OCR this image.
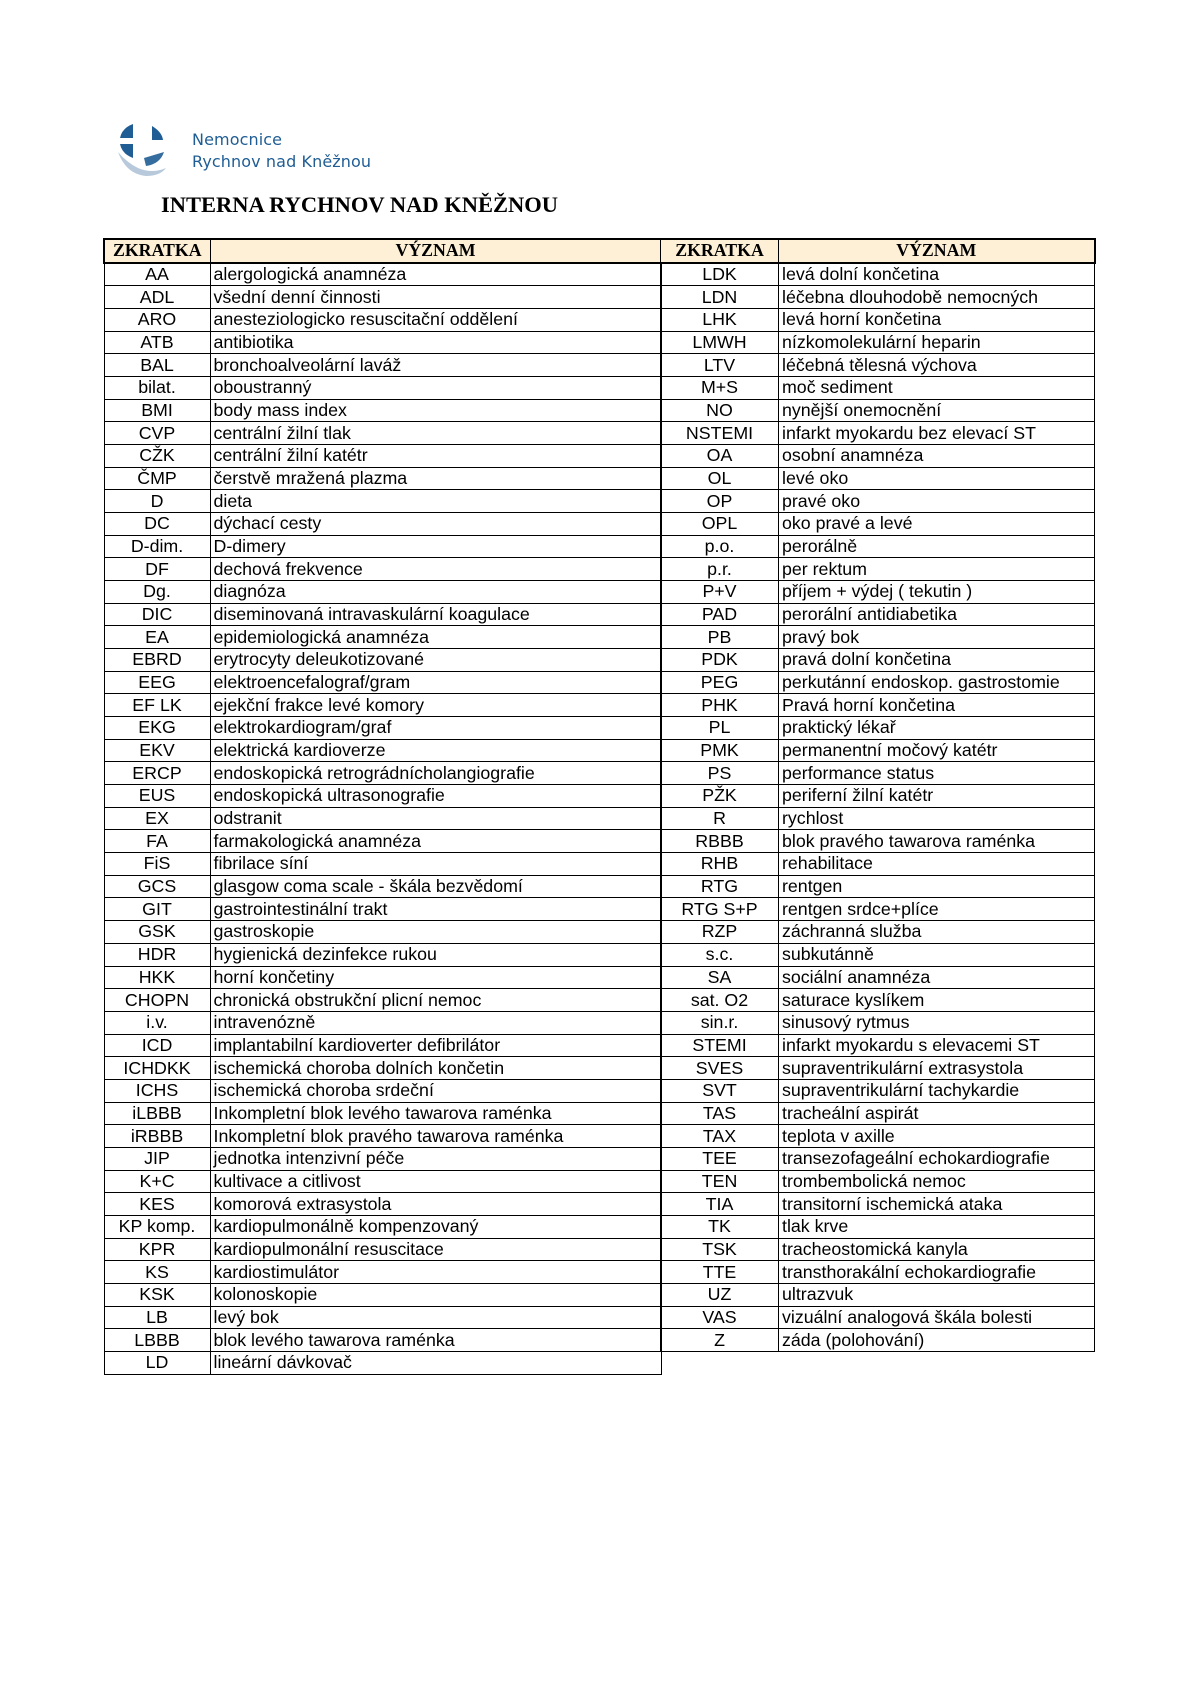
Nemocnice
Rychnov nad Kněžnou
INTERNA RYCHNOV NAD KNĚŽNOU
ZKRATKA	VÝZNAM
AA	alergologická anamnéza
ADL	všední denní činnosti
ARO	anesteziologicko resuscitační oddělení
ATB	antibiotika
BAL	bronchoalveolární laváž
bilat.	oboustranný
BMI	body mass index
CVP	centrální žilní tlak
CŽK	centrální žilní katétr
ČMP	čerstvě mražená plazma
D	dieta
DC	dýchací cesty
D-dim.	D-dimery
DF	dechová frekvence
Dg.	diagnóza
DIC	diseminovaná intravaskulární koagulace
EA	epidemiologická anamnéza
EBRD	erytrocyty deleukotizované
EEG	elektroencefalograf/gram
EF LK	ejekční frakce levé komory
EKG	elektrokardiogram/graf
EKV	elektrická kardioverze
ERCP	endoskopická retrográdnícholangiografie
EUS	endoskopická ultrasonografie
EX	odstranit
FA	farmakologická anamnéza
FiS	fibrilace síní
GCS	glasgow coma scale - škála bezvědomí
GIT	gastrointestinální trakt
GSK	gastroskopie
HDR	hygienická dezinfekce rukou
HKK	horní končetiny
CHOPN	chronická obstrukční plicní nemoc
i.v.	intravenózně
ICD	implantabilní kardioverter defibrilátor
ICHDKK	ischemická choroba dolních končetin
ICHS	ischemická choroba srdeční
iLBBB	Inkompletní blok levého tawarova raménka
iRBBB	Inkompletní blok pravého tawarova raménka
JIP	jednotka intenzivní péče
K+C	kultivace a citlivost
KES	komorová extrasystola
KP komp.	kardiopulmonálně kompenzovaný
KPR	kardiopulmonální resuscitace
KS	kardiostimulátor
KSK	kolonoskopie
LB	levý bok
LBBB	blok levého tawarova raménka
LD	lineární dávkovač
ZKRATKA	VÝZNAM
LDK	levá dolní končetina
LDN	léčebna dlouhodobě nemocných
LHK	levá horní končetina
LMWH	nízkomolekulární heparin
LTV	léčebná tělesná výchova
M+S	moč sediment
NO	nynější onemocnění
NSTEMI	infarkt myokardu bez elevací ST
OA	osobní anamnéza
OL	levé oko
OP	pravé oko
OPL	oko pravé a levé
p.o.	perorálně
p.r.	per rektum
P+V	příjem + výdej ( tekutin )
PAD	perorální antidiabetika
PB	pravý bok
PDK	pravá dolní končetina
PEG	perkutánní endoskop. gastrostomie
PHK	Pravá horní končetina
PL	praktický lékař
PMK	permanentní močový katétr
PS	performance status
PŽK	periferní žilní katétr
R	rychlost
RBBB	blok pravého tawarova raménka
RHB	rehabilitace
RTG	rentgen
RTG S+P	rentgen srdce+plíce
RZP	záchranná služba
s.c.	subkutánně
SA	sociální anamnéza
sat. O2	saturace kyslíkem
sin.r.	sinusový rytmus
STEMI	infarkt myokardu s elevacemi ST
SVES	supraventrikulární extrasystola
SVT	supraventrikulární tachykardie
TAS	tracheální aspirát
TAX	teplota v axille
TEE	transezofageální echokardiografie
TEN	trombembolická nemoc
TIA	transitorní ischemická ataka
TK	tlak krve
TSK	tracheostomická kanyla
TTE	transthorakální echokardiografie
UZ	ultrazvuk
VAS	vizuální analogová škála bolesti
Z	záda (polohování)
